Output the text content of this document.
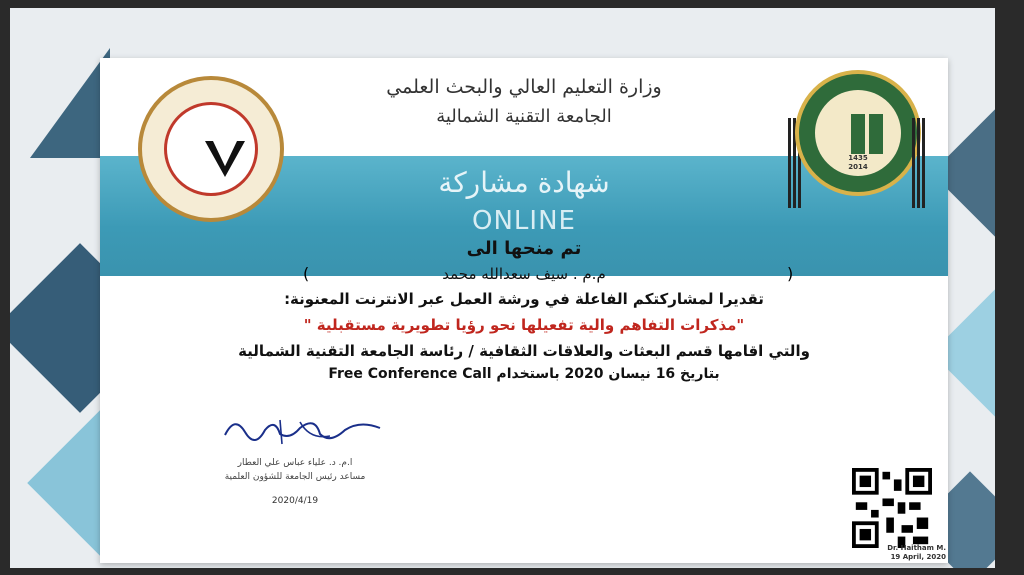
1435
2014
وزارة التعليم العالي والبحث العلمي
الجامعة التقنية الشمالية
شهادة مشاركة
ONLINE
تم منحها الى
(	م.م . سيف سعدالله محمد	)
تقديرا لمشاركتكم الفاعلة في ورشة العمل عبر الانترنت المعنونة:
"مذكرات التفاهم والية تفعيلها نحو رؤيا تطويرية مستقبلية "
والتي اقامها قسم البعثات والعلاقات الثقافية / رئاسة الجامعة التقنية الشمالية
بتاريخ 16 نيسان 2020 باستخدام Free Conference Call
ا.م. د. علياء عباس علي العطار
مساعد رئيس الجامعة للشؤون العلمية
2020/4/19
Dr. Haitham M.
19 April, 2020
